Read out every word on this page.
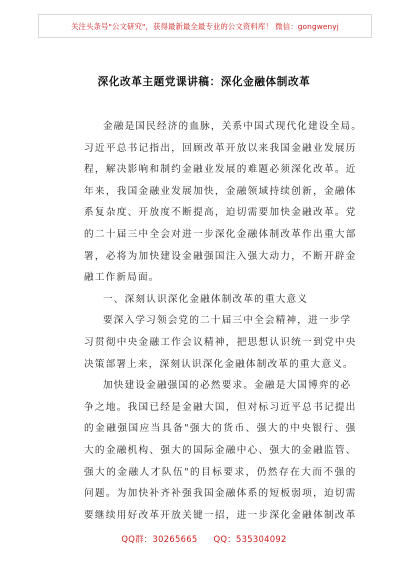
关注头条号"公文研究"，获得最新最全最专业的公文资料库！ 微信：gongwenyj
深化改革主题党课讲稿：深化金融体制改革
金融是国民经济的血脉，关系中国式现代化建设全局。
习近平总书记指出，回顾改革开放以来我国金融业发展历
程，解决影响和制约金融业发展的难题必须深化改革。近
年来，我国金融业发展加快，金融领域持续创新，金融体
系复杂度、开放度不断提高，迫切需要加快金融改革。党
的二十届三中全会对进一步深化金融体制改革作出重大部
署，必将为加快建设金融强国注入强大动力，不断开辟金
融工作新局面。
一、深刻认识深化金融体制改革的重大意义
要深入学习领会党的二十届三中全会精神，进一步学
习贯彻中央金融工作会议精神，把思想认识统一到党中央
决策部署上来，深刻认识深化金融体制改革的重大意义。
加快建设金融强国的必然要求。金融是大国博弈的必
争之地。我国已经是金融大国，但对标习近平总书记提出
的金融强国应当具备"强大的货币、强大的中央银行、强
大的金融机构、强大的国际金融中心、强大的金融监管、
强大的金融人才队伍"的目标要求，仍然存在大而不强的
问题。为加快补齐补强我国金融体系的短板弱项，迫切需
要继续用好改革开放关键一招，进一步深化金融体制改革
QQ群：30265665 QQ：535304092
